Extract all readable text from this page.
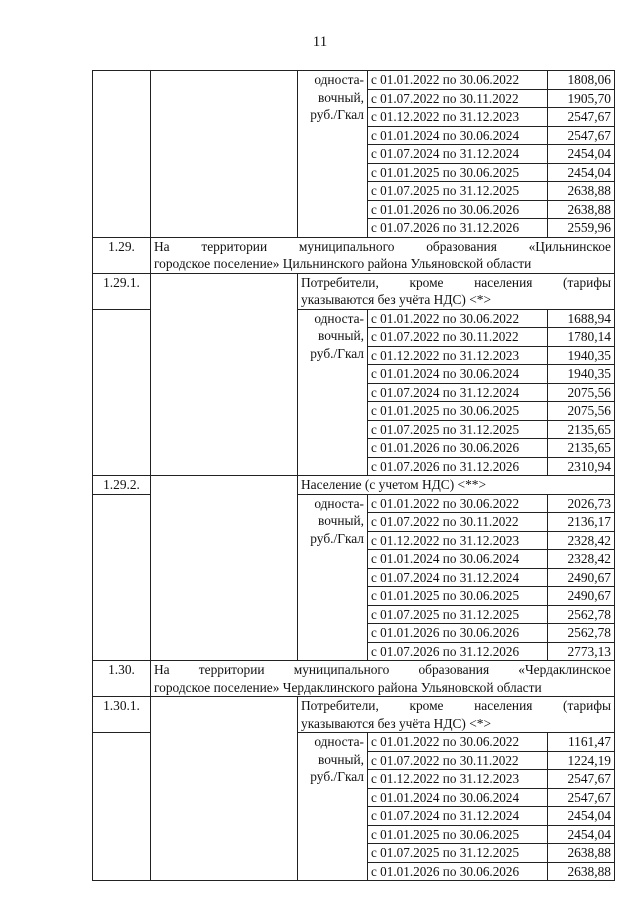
11

		односта-
вочный,
руб./Гкал	с 01.01.2022 по 30.06.2022	1808,06
			с 01.07.2022 по 30.11.2022	1905,70
			с 01.12.2022 по 31.12.2023	2547,67
			с 01.01.2024 по 30.06.2024	2547,67
			с 01.07.2024 по 31.12.2024	2454,04
			с 01.01.2025 по 30.06.2025	2454,04
			с 01.07.2025 по 31.12.2025	2638,88
			с 01.01.2026 по 30.06.2026	2638,88
			с 01.07.2026 по 31.12.2026	2559,96
1.29.	На территории муниципального образования «Цильнинское
городское поселение» Цильнинского района Ульяновской области			

1.29.1.		Потребители, кроме населения (тарифы
указываются без учёта НДС) <*>		

		односта-
вочный,
руб./Гкал	с 01.01.2022 по 30.06.2022	1688,94
			с 01.07.2022 по 30.11.2022	1780,14
			с 01.12.2022 по 31.12.2023	1940,35
			с 01.01.2024 по 30.06.2024	1940,35
			с 01.07.2024 по 31.12.2024	2075,56
			с 01.01.2025 по 30.06.2025	2075,56
			с 01.07.2025 по 31.12.2025	2135,65
			с 01.01.2026 по 30.06.2026	2135,65
			с 01.07.2026 по 31.12.2026	2310,94
1.29.2.		Население (с учетом НДС) <**>		

		односта-
вочный,
руб./Гкал	с 01.01.2022 по 30.06.2022	2026,73
			с 01.07.2022 по 30.11.2022	2136,17
			с 01.12.2022 по 31.12.2023	2328,42
			с 01.01.2024 по 30.06.2024	2328,42
			с 01.07.2024 по 31.12.2024	2490,67
			с 01.01.2025 по 30.06.2025	2490,67
			с 01.07.2025 по 31.12.2025	2562,78
			с 01.01.2026 по 30.06.2026	2562,78
			с 01.07.2026 по 31.12.2026	2773,13
1.30.	На территории муниципального образования «Чердаклинское
городское поселение» Чердаклинского района Ульяновской области			

1.30.1.		Потребители, кроме населения (тарифы
указываются без учёта НДС) <*>		

		односта-
вочный,
руб./Гкал	с 01.01.2022 по 30.06.2022	1161,47
			с 01.07.2022 по 30.11.2022	1224,19
			с 01.12.2022 по 31.12.2023	2547,67
			с 01.01.2024 по 30.06.2024	2547,67
			с 01.07.2024 по 31.12.2024	2454,04
			с 01.01.2025 по 30.06.2025	2454,04
			с 01.07.2025 по 31.12.2025	2638,88
			с 01.01.2026 по 30.06.2026	2638,88
